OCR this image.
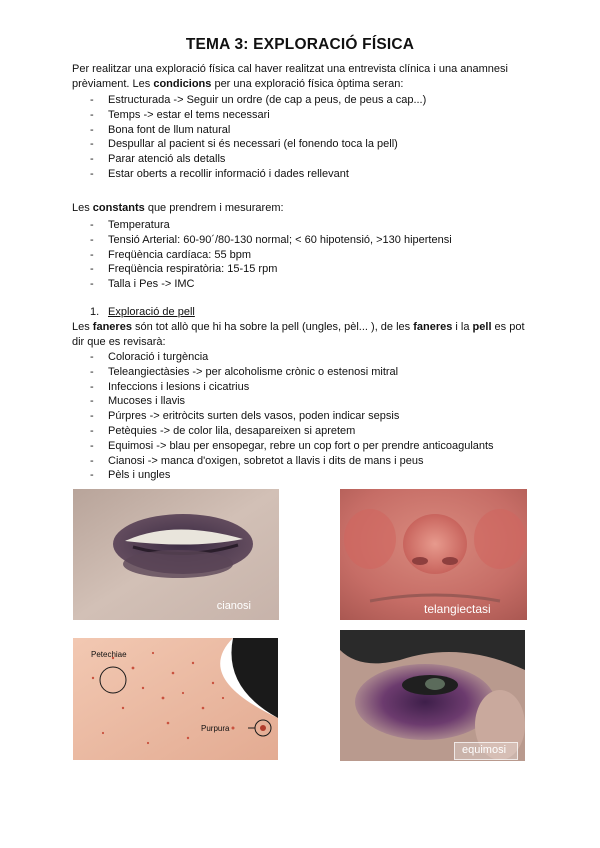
TEMA 3: EXPLORACIÓ FÍSICA

Per realitzar una exploració física cal haver realitzat una entrevista clínica i una anamnesi prèviament. Les condicions per una exploració física òptima seran:

- Estructurada -> Seguir un ordre (de cap a peus, de peus a cap...)
- Temps -> estar el tems necessari
- Bona font de llum natural
- Despullar al pacient si és necessari (el fonendo toca la pell)
- Parar atenció als detalls
- Estar oberts a recollir informació i dades rellevant

Les constants que prendrem i mesurarem:

- Temperatura
- Tensió Arterial: 60-90´/80-130 normal; < 60 hipotensió, >130 hipertensi
- Freqüència cardíaca: 55 bpm
- Freqüència respiratòria: 15-15 rpm
- Talla i Pes -> IMC
1. Exploració de pell

Les faneres són tot allò que hi ha sobre la pell (ungles, pèl... ), de les faneres i la pell es pot dir que es revisarà:

- Coloració i turgència
- Teleangiectàsies -> per alcoholisme crònic o estenosi mitral
- Infeccions i lesions i cicatrius
- Mucoses i llavis
- Púrpres -> eritròcits surten dels vasos, poden indicar sepsis
- Petèquies -> de color lila, desapareixen si apretem
- Equimosi -> blau per ensopegar, rebre un cop fort o per prendre anticoagulants
- Cianosi -> manca d'oxigen, sobretot a llavis i dits de mans i peus
- Pèls i ungles
cianosi	telangiectasi
Petechiae
Purpura
equimosi
